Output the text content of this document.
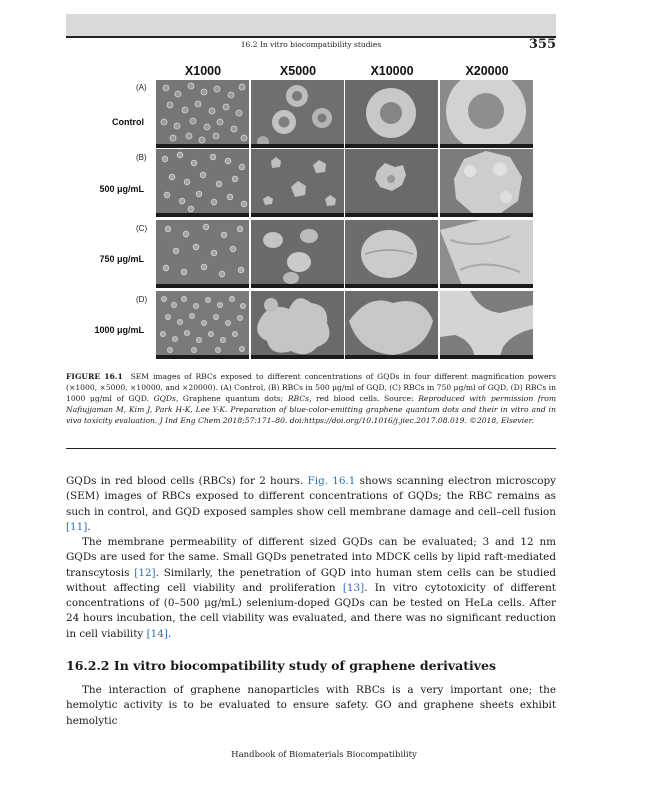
16.2 In vitro biocompatibility studies	355
X1000	X5000	X10000	X20000
(A)
Control
(B)
500 μg/mL
(C)
750 μg/mL
(D)
1000 μg/mL
FIGURE 16.1 SEM images of RBCs exposed to different concentrations of GQDs in four different magnification powers (×1000, ×5000, ×10000, and ×20000). (A) Control, (B) RBCs in 500 μg/ml of GQD, (C) RBCs in 750 μg/ml of GQD, (D) RBCs in 1000 μg/ml of GQD. GQDs, Graphene quantum dots; RBCs, red blood cells. Source: Reproduced with permission from Nafiujjaman M, Kim J, Park H-K, Lee Y-K. Preparation of blue-color-emitting graphene quantum dots and their in vitro and in vivo toxicity evaluation. J Ind Eng Chem 2018;57:171–80. doi:https://doi.org/10.1016/j.jiec.2017.08.019. ©2018, Elsevier.

GQDs in red blood cells (RBCs) for 2 hours. Fig. 16.1 shows scanning electron microscopy (SEM) images of RBCs exposed to different concentrations of GQDs; the RBC remains as such in control, and GQD exposed samples show cell membrane damage and cell–cell fusion [11].

The membrane permeability of different sized GQDs can be evaluated; 3 and 12 nm GQDs are used for the same. Small GQDs penetrated into MDCK cells by lipid raft-mediated transcytosis [12]. Similarly, the penetration of GQD into human stem cells can be studied without affecting cell viability and proliferation [13]. In vitro cytotoxicity of different concentrations of (0–500 μg/mL) selenium-doped GQDs can be tested on HeLa cells. After 24 hours incubation, the cell viability was evaluated, and there was no significant reduction in cell viability [14].

16.2.2 In vitro biocompatibility study of graphene derivatives

The interaction of graphene nanoparticles with RBCs is a very important one; the hemolytic activity is to be evaluated to ensure safety. GO and graphene sheets exhibit hemolytic

Handbook of Biomaterials Biocompatibility
